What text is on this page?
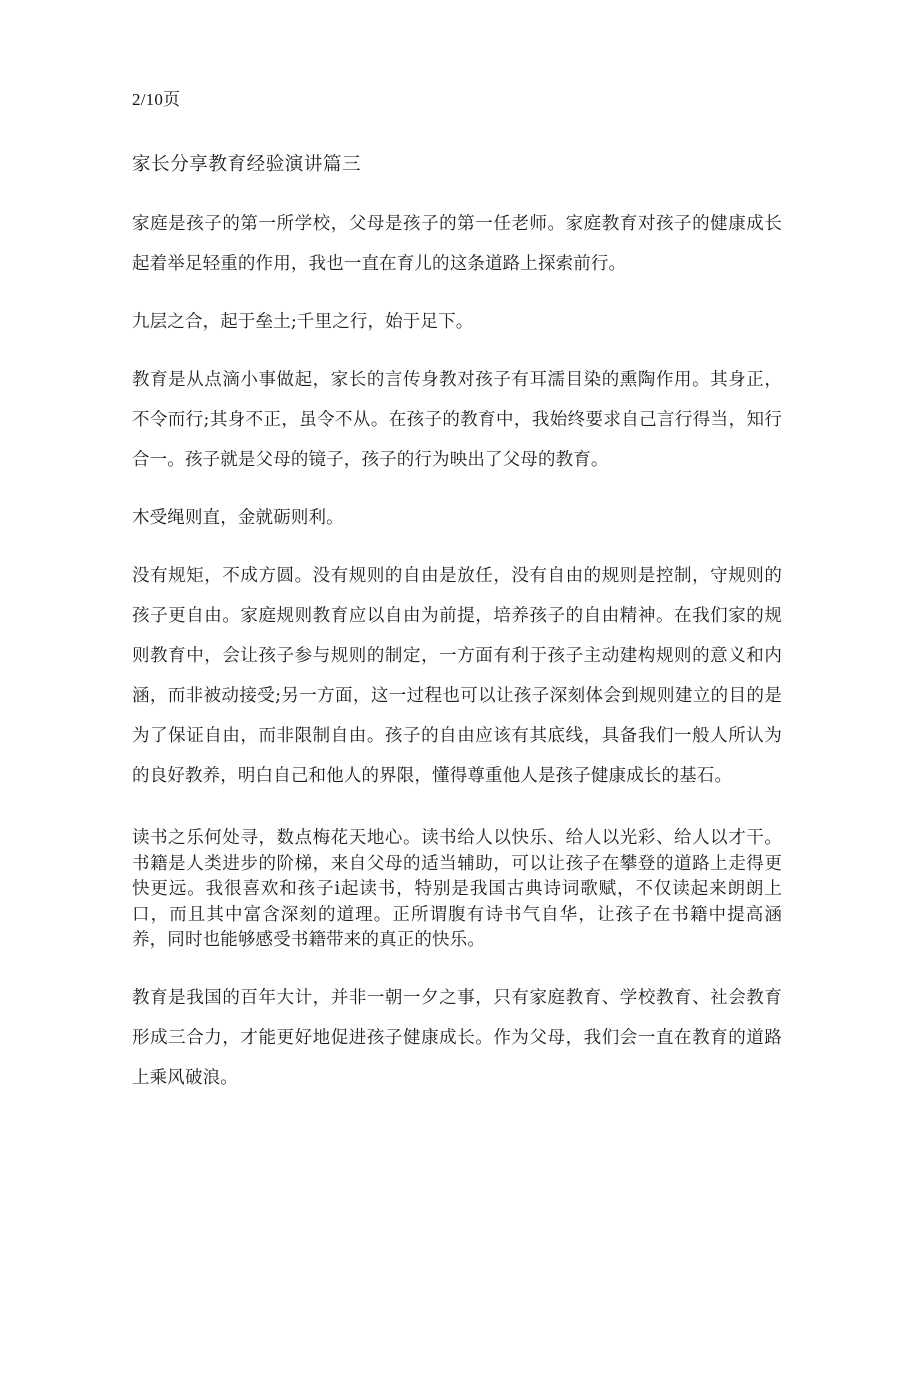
2/10页
家长分享教育经验演讲篇三

家庭是孩子的第一所学校，父母是孩子的第一任老师。家庭教育对孩子的健康成长起着举足轻重的作用，我也一直在育儿的这条道路上探索前行。

九层之合，起于垒土;千里之行，始于足下。

教育是从点滴小事做起，家长的言传身教对孩子有耳濡目染的熏陶作用。其身正，不令而行;其身不正，虽令不从。在孩子的教育中，我始终要求自己言行得当，知行合一。孩子就是父母的镜子，孩子的行为映出了父母的教育。

木受绳则直，金就砺则利。

没有规矩，不成方圆。没有规则的自由是放任，没有自由的规则是控制，守规则的孩子更自由。家庭规则教育应以自由为前提，培养孩子的自由精神。在我们家的规则教育中，会让孩子参与规则的制定，一方面有利于孩子主动建构规则的意义和内涵，而非被动接受;另一方面，这一过程也可以让孩子深刻体会到规则建立的目的是为了保证自由，而非限制自由。孩子的自由应该有其底线，具备我们一般人所认为的良好教养，明白自己和他人的界限，懂得尊重他人是孩子健康成长的基石。

读书之乐何处寻，数点梅花天地心。读书给人以快乐、给人以光彩、给人以才干。书籍是人类进步的阶梯，来自父母的适当辅助，可以让孩子在攀登的道路上走得更快更远。我很喜欢和孩子i起读书，特别是我国古典诗词歌赋，不仅读起来朗朗上口，而且其中富含深刻的道理。正所谓腹有诗书气自华，让孩子在书籍中提高涵养，同时也能够感受书籍带来的真正的快乐。

教育是我国的百年大计，并非一朝一夕之事，只有家庭教育、学校教育、社会教育形成三合力，才能更好地促进孩子健康成长。作为父母，我们会一直在教育的道路上乘风破浪。
